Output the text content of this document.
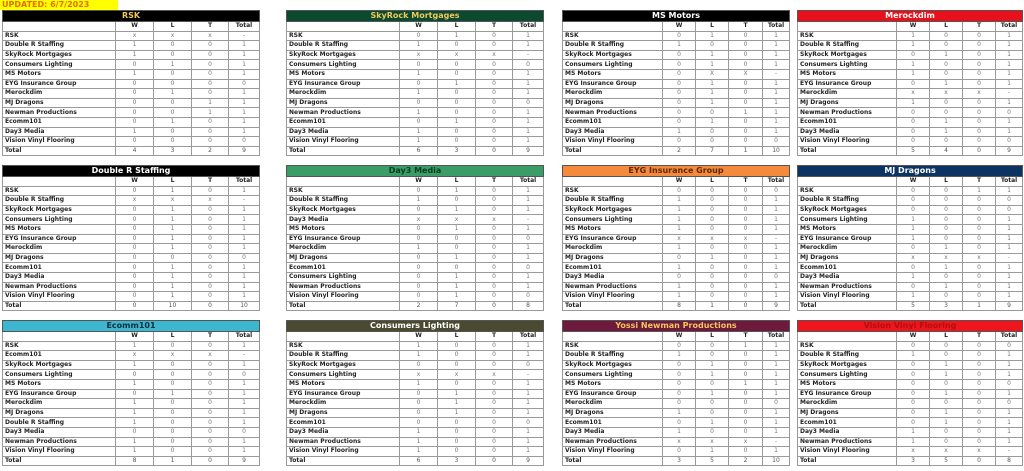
UPDATED: 6/7/2023
RSK				
	W	L	T	Total
RSK	x	x	x	-
Double R Staffing	1	0	0	1
SkyRock Mortgages	1	0	0	1
Consumers Lighting	0	1	0	1
MS Motors	1	0	0	1
EYG Insurance Group	0	0	0	0
Merockdim	0	1	0	1
MJ Dragons	0	0	1	1
Newman Productions	0	0	1	1
Ecomm101	0	1	0	1
Day3 Media	1	0	0	1
Vision Vinyl Flooring	0	0	0	0
Total	4	3	2	9
SkyRock Mortgages				
	W	L	T	Total
RSK	0	1	0	1
Double R Staffing	1	0	0	1
SkyRock Mortgages	x	x	x	-
Consumers Lighting	0	0	0	0
MS Motors	1	0	0	1
EYG Insurance Group	0	1	0	1
Merockdim	1	0	0	1
MJ Dragons	0	0	0	0
Newman Productions	1	0	0	1
Ecomm101	0	1	0	1
Day3 Media	1	0	0	1
Vision Vinyl Flooring	1	0	0	1
Total	6	3	0	9
MS Motors				
	W	L	T	Total
RSK	0	1	0	1
Double R Staffing	1	0	0	1
SkyRock Mortgages	0	1	0	1
Consumers Lighting	0	1	0	1
MS Motors	0	X	X	-
EYG Insurance Group	0	1	0	1
Merockdim	0	1	0	1
MJ Dragons	0	1	0	1
Newman Productions	0	0	1	1
Ecomm101	0	1	0	1
Day3 Media	1	0	0	1
Vision Vinyl Flooring	0	0	0	0
Total	2	7	1	10
Merockdim				
	W	L	T	Total
RSK	1	0	0	1
Double R Staffing	1	0	0	1
SkyRock Mortgages	0	1	0	1
Consumers Lighting	1	0	0	1
MS Motors	1	0	0	1
EYG Insurance Group	0	1	0	1
Merockdim	x	x	x	-
MJ Dragons	1	0	0	1
Newman Productions	0	0	0	0
Ecomm101	0	1	0	1
Day3 Media	0	1	0	1
Vision Vinyl Flooring	0	0	0	0
Total	5	4	0	9
Double R Staffing				
	W	L	T	Total
RSK	0	1	0	1
Double R Staffing	x	x	x	-
SkyRock Mortgages	0	1	0	1
Consumers Lighting	0	1	0	1
MS Motors	0	1	0	1
EYG Insurance Group	0	1	0	1
Merockdim	0	1	0	1
MJ Dragons	0	0	0	0
Ecomm101	0	1	0	1
Day3 Media	0	1	0	1
Newman Productions	0	1	0	1
Vision Vinyl Flooring	0	1	0	1
Total	0	10	0	10
Day3 Media				
	W	L	T	Total
RSK	0	1	0	1
Double R Staffing	1	0	0	1
SkyRock Mortgages	0	1	0	1
Day3 Media	x	x	x	-
MS Motors	0	1	0	1
EYG Insurance Group	0	0	0	0
Merockdim	1	0	0	1
MJ Dragons	0	1	0	1
Ecomm101	0	0	0	0
Consumers Lighting	0	1	0	1
Newman Productions	0	1	0	1
Vision Vinyl Flooring	0	1	0	0
Total	2	7	0	8
EYG Insurance Group				
	W	L	T	Total
RSK	0	0	0	0
Double R Staffing	1	0	0	1
SkyRock Mortgages	1	0	0	1
Consumers Lighting	1	0	0	1
MS Motors	1	0	0	1
EYG Insurance Group	x	x	x	-
Merockdim	1	0	0	1
MJ Dragons	0	1	0	1
Ecomm101	1	0	0	1
Day3 Media	0	0	0	0
Newman Productions	1	0	0	1
Vision Vinyl Flooring	1	0	0	1
Total	8	1	0	9
MJ Dragons				
	W	L	T	Total
RSK	0	0	1	1
Double R Staffing	0	0	0	0
SkyRock Mortgages	0	0	0	0
Consumers Lighting	1	0	0	1
MS Motors	1	0	0	1
EYG Insurance Group	1	0	0	1
Merockdim	0	1	0	1
MJ Dragons	x	x	x	-
Ecomm101	0	1	0	1
Day3 Media	1	0	0	1
Newman Productions	0	1	0	1
Vision Vinyl Flooring	1	0	0	1
Total	5	3	1	9
Ecomm101				
	W	L	T	Total
RSK	1	0	0	1
Ecomm101	x	x	x	-
SkyRock Mortgages	1	0	0	1
Consumers Lighting	0	0	0	0
MS Motors	1	0	0	1
EYG Insurance Group	0	1	0	1
Merockdim	1	0	0	1
MJ Dragons	1	0	0	1
Double R Staffing	1	0	0	1
Day3 Media	0	0	0	0
Newman Productions	1	0	0	1
Vision Vinyl Flooring	1	0	0	1
Total	8	1	0	9
Consumers Lighting				
	W	L	T	Total
RSK	1	0	0	1
Double R Staffing	1	0	0	1
SkyRock Mortgages	0	0	0	0
Consumers Lighting	x	x	x	-
MS Motors	1	0	0	1
EYG Insurance Group	0	1	0	1
Merockdim	0	1	0	1
MJ Dragons	0	1	0	1
Ecomm101	0	0	0	0
Day3 Media	1	0	0	1
Newman Productions	1	0	0	1
Vision Vinyl Flooring	1	0	0	1
Total	6	3	0	9
Yossi Newman Productions				
	W	L	T	Total
RSK	0	0	1	1
Double R Staffing	1	0	0	1
SkyRock Mortgages	0	1	0	1
Consumers Lighting	0	1	0	1
MS Motors	0	0	1	1
EYG Insurance Group	0	1	0	1
Merockdim	0	0	0	0
MJ Dragons	1	0	0	1
Ecomm101	0	1	0	1
Day3 Media	1	0	0	1
Newman Productions	x	x	x	-
Vision Vinyl Flooring	0	1	0	1
Total	3	5	2	10
Vision Vinyl Flooring				
	W	L	T	Total
RSK	0	0	0	0
Double R Staffing	1	0	0	1
SkyRock Mortgages	0	1	0	1
Consumers Lighting	0	1	0	1
MS Motors	0	0	0	0
EYG Insurance Group	0	1	0	1
Merockdim	0	0	0	0
MJ Dragons	0	1	0	1
Ecomm101	0	1	0	1
Day3 Media	1	0	0	1
Newman Productions	1	0	0	1
Vision Vinyl Flooring	x	x	x	-
Total	3	5	0	8
